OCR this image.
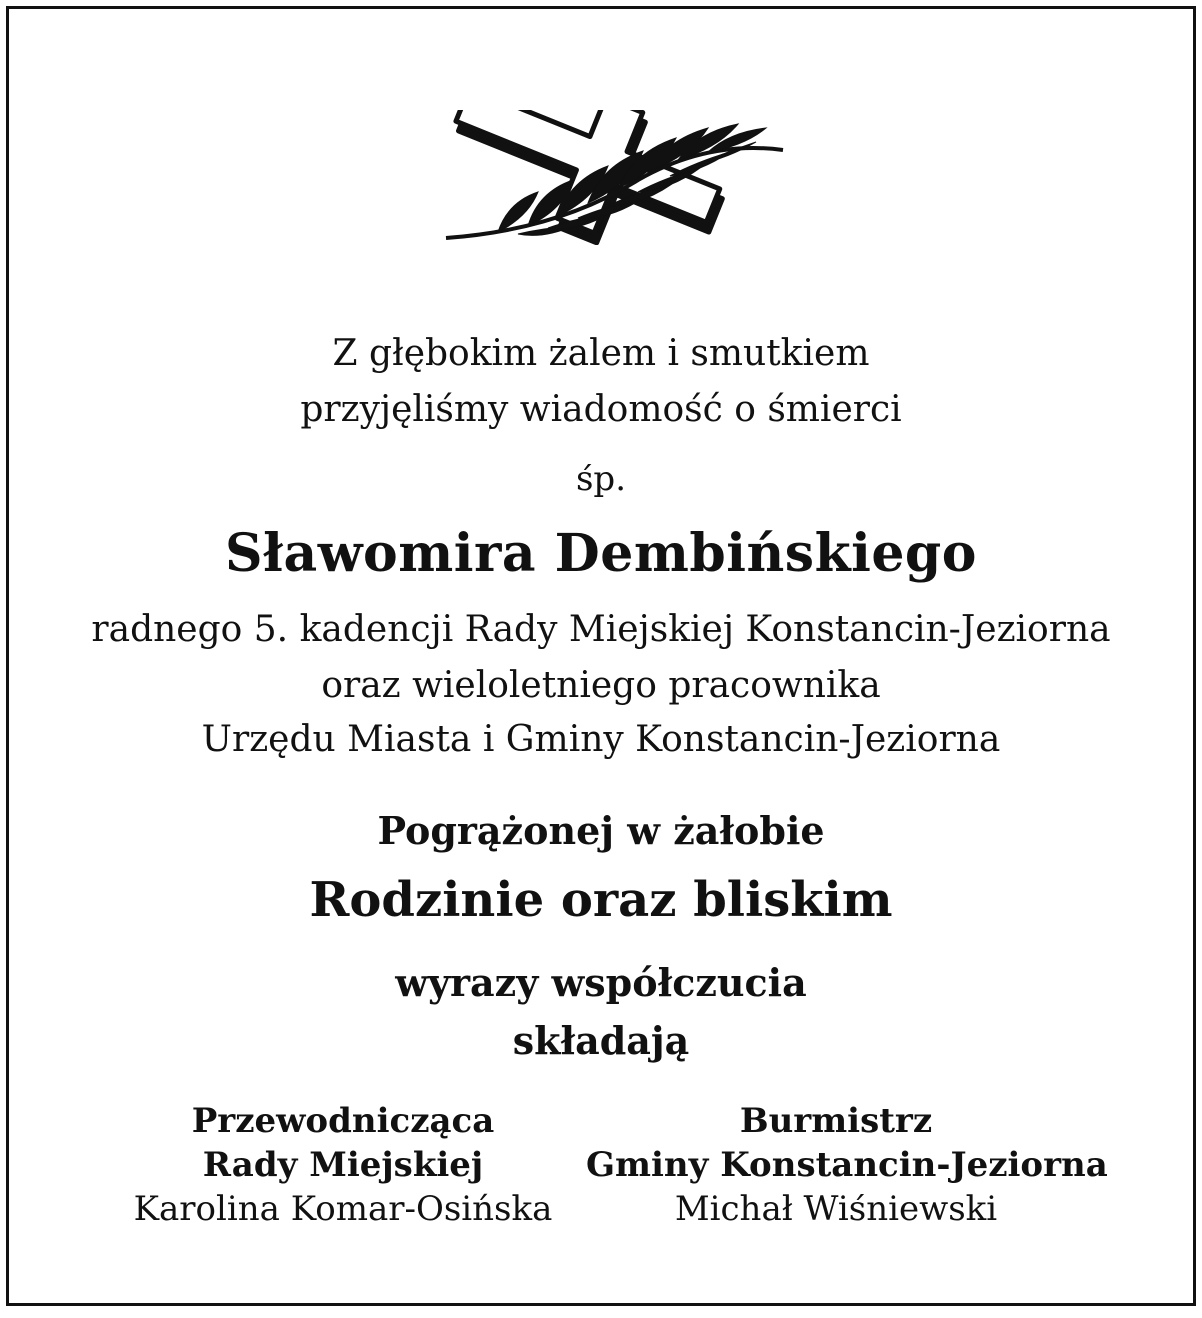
Z głębokim żalem i smutkiem
przyjęliśmy wiadomość o śmierci
śp.
Sławomira Dembińskiego
radnego 5. kadencji Rady Miejskiej Konstancin-Jeziorna
oraz wieloletniego pracownika
Urzędu Miasta i Gminy Konstancin-Jeziorna
Pogrążonej w żałobie
Rodzinie oraz bliskim
wyrazy współczucia
składają
Przewodnicząca
Rady Miejskiej
Karolina Komar-Osińska
Burmistrz
Gminy Konstancin-Jeziorna
Michał Wiśniewski
